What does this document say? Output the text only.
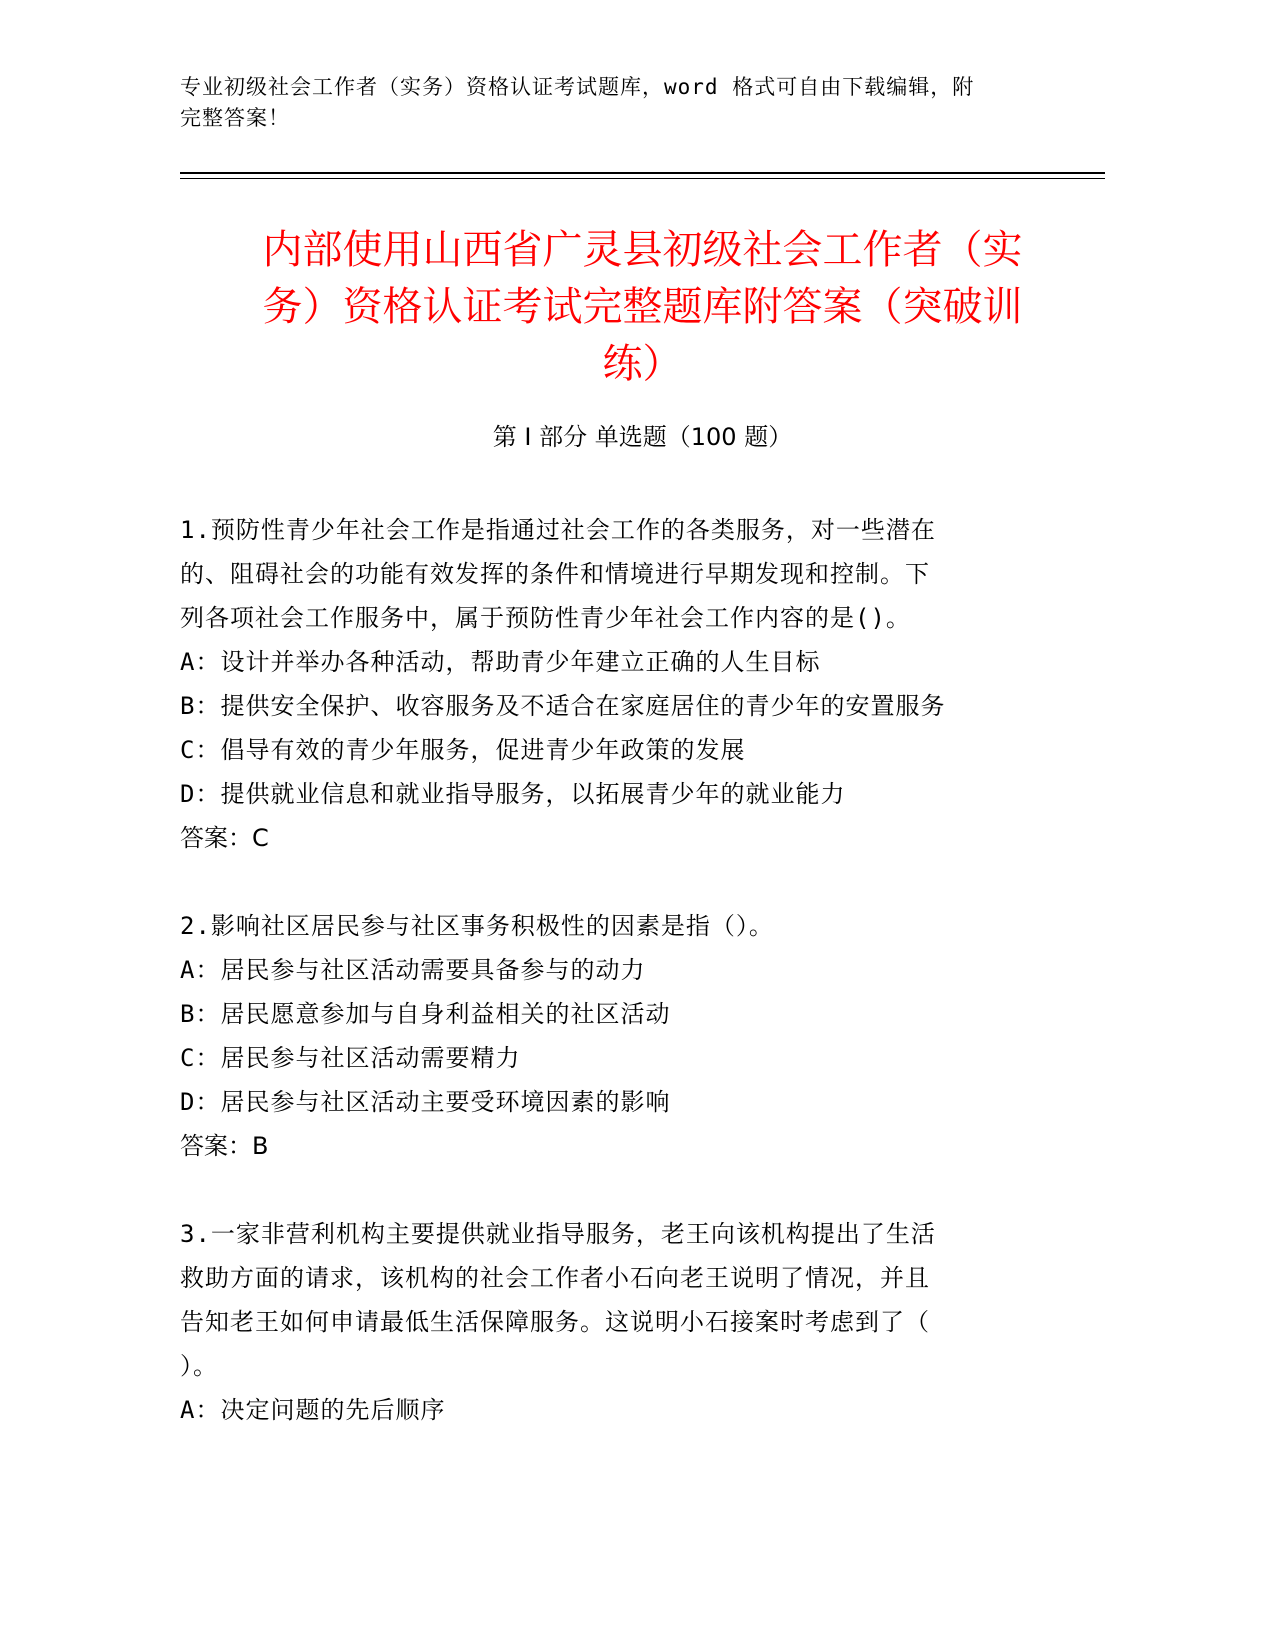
专业初级社会工作者（实务）资格认证考试题库，word 格式可自由下载编辑，附
完整答案！
内部使用山西省广灵县初级社会工作者（实
务）资格认证考试完整题库附答案（突破训
练）
第 I 部分 单选题（100 题）
1.预防性青少年社会工作是指通过社会工作的各类服务，对一些潜在
的、阻碍社会的功能有效发挥的条件和情境进行早期发现和控制。下
列各项社会工作服务中，属于预防性青少年社会工作内容的是()。
A：设计并举办各种活动，帮助青少年建立正确的人生目标
B：提供安全保护、收容服务及不适合在家庭居住的青少年的安置服务
C：倡导有效的青少年服务，促进青少年政策的发展
D：提供就业信息和就业指导服务，以拓展青少年的就业能力
答案：C
2.影响社区居民参与社区事务积极性的因素是指（）。
A：居民参与社区活动需要具备参与的动力
B：居民愿意参加与自身利益相关的社区活动
C：居民参与社区活动需要精力
D：居民参与社区活动主要受环境因素的影响
答案：B
3.一家非营利机构主要提供就业指导服务，老王向该机构提出了生活
救助方面的请求，该机构的社会工作者小石向老王说明了情况，并且
告知老王如何申请最低生活保障服务。这说明小石接案时考虑到了（
）。
A：决定问题的先后顺序
